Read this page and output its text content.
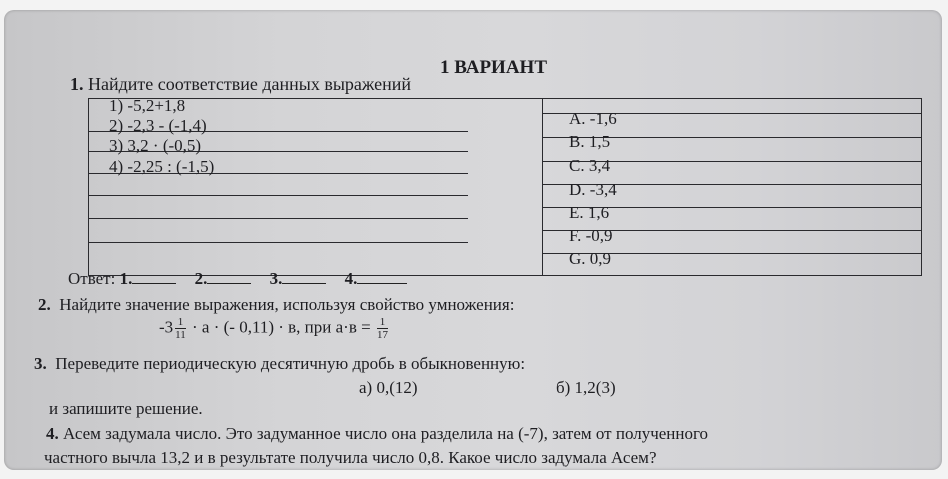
1 ВАРИАНТ
1. Найдите соответствие данных выражений
1) -5,2+1,8
2) -2,3 - (-1,4)
3) 3,2 · (-0,5)
4) -2,25 : (-1,5)
A. -1,6
B. 1,5
C. 3,4
D. -3,4
E. 1,6
F. -0,9
G. 0,9
Ответ: 1.	2.	3.	4.
2. Найдите значение выражения, используя свойство умножения:
$-3 \frac{1}{11} \cdot a$ · (- 0,11) · в, при $a\cdot в = \frac{1}{17}$
3. Переведите периодическую десятичную дробь в обыкновенную:
a) 0,(12)	б) 1,2(3)
и запишите решение.
4. Асем задумала число. Это задуманное число она разделила на (-7), затем от полученного
частного вычла 13,2 и в результате получила число 0,8. Какое число задумала Асем?
